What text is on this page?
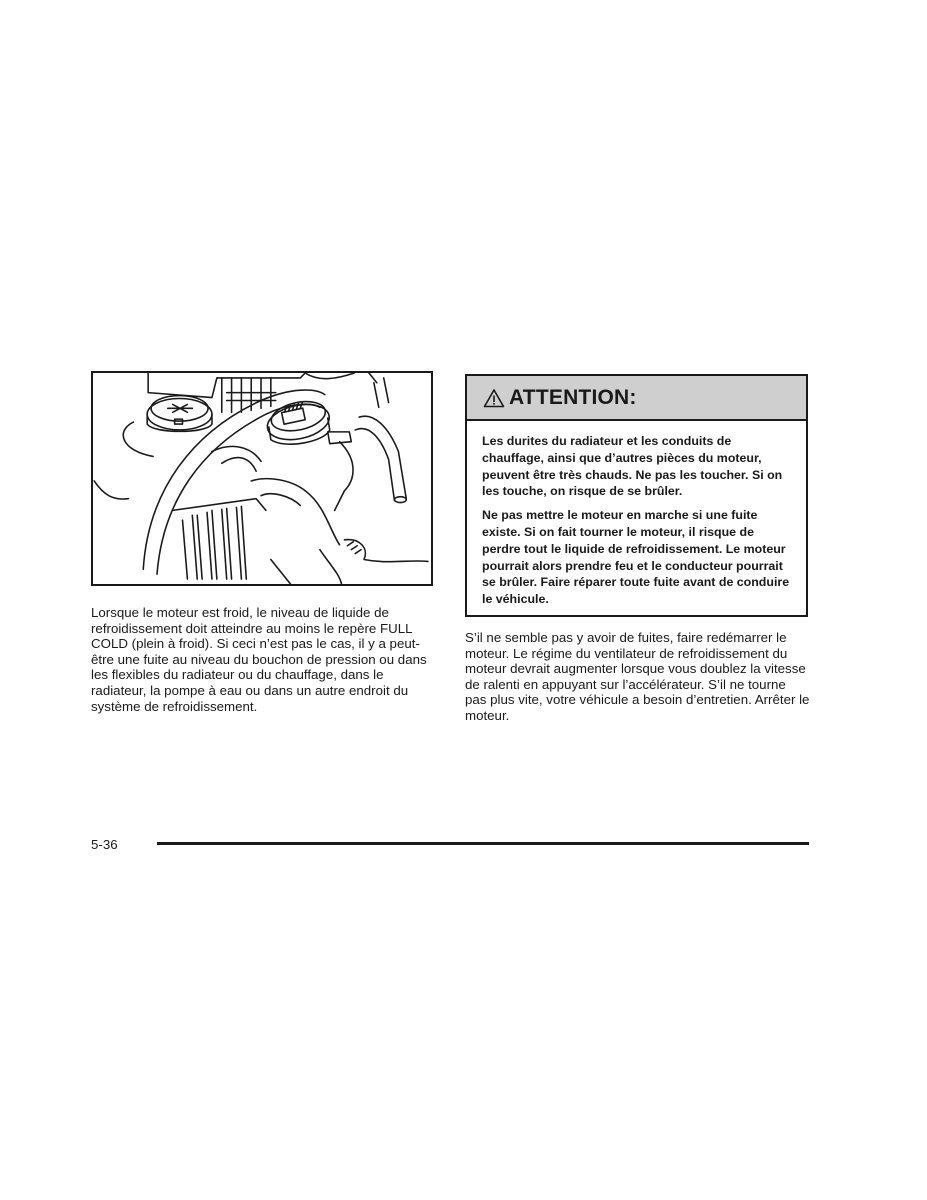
Lorsque le moteur est froid, le niveau de liquide de refroidissement doit atteindre au moins le repère FULL COLD (plein à froid). Si ceci n’est pas le cas, il y a peut-être une fuite au niveau du bouchon de pression ou dans les flexibles du radiateur ou du chauffage, dans le radiateur, la pompe à eau ou dans un autre endroit du système de refroidissement.

ATTENTION:

Les durites du radiateur et les conduits de chauffage, ainsi que d’autres pièces du moteur, peuvent être très chauds. Ne pas les toucher. Si on les touche, on risque de se brûler.

Ne pas mettre le moteur en marche si une fuite existe. Si on fait tourner le moteur, il risque de perdre tout le liquide de refroidissement. Le moteur pourrait alors prendre feu et le conducteur pourrait se brûler. Faire réparer toute fuite avant de conduire le véhicule.

S’il ne semble pas y avoir de fuites, faire redémarrer le moteur. Le régime du ventilateur de refroidissement du moteur devrait augmenter lorsque vous doublez la vitesse de ralenti en appuyant sur l’accélérateur. S’il ne tourne pas plus vite, votre véhicule a besoin d’entretien. Arrêter le moteur.

5-36
